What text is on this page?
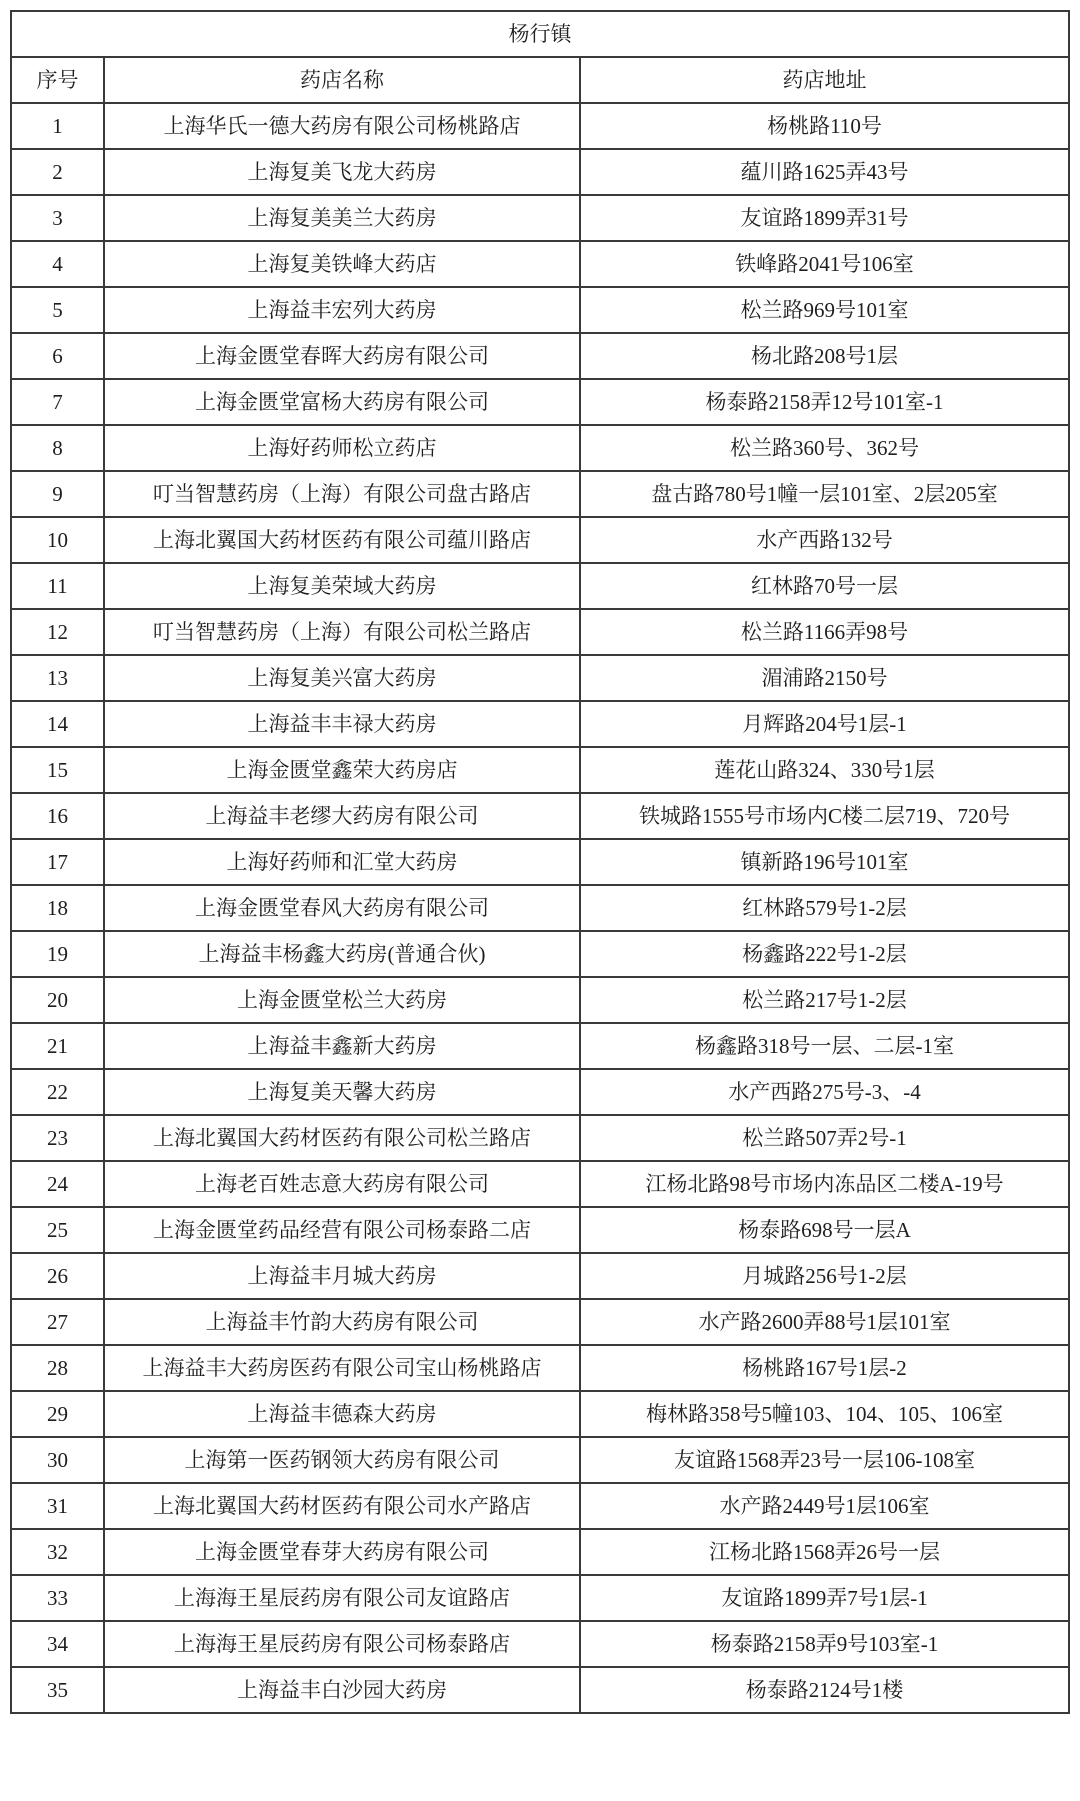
杨行镇		
序号	药店名称	药店地址
1	上海华氏一德大药房有限公司杨桃路店	杨桃路110号
2	上海复美飞龙大药房	蕴川路1625弄43号
3	上海复美美兰大药房	友谊路1899弄31号
4	上海复美铁峰大药店	铁峰路2041号106室
5	上海益丰宏列大药房	松兰路969号101室
6	上海金匮堂春晖大药房有限公司	杨北路208号1层
7	上海金匮堂富杨大药房有限公司	杨泰路2158弄12号101室-1
8	上海好药师松立药店	松兰路360号、362号
9	叮当智慧药房（上海）有限公司盘古路店	盘古路780号1幢一层101室、2层205室
10	上海北翼国大药材医药有限公司蕴川路店	水产西路132号
11	上海复美荣域大药房	红林路70号一层
12	叮当智慧药房（上海）有限公司松兰路店	松兰路1166弄98号
13	上海复美兴富大药房	湄浦路2150号
14	上海益丰丰禄大药房	月辉路204号1层-1
15	上海金匮堂鑫荣大药房店	莲花山路324、330号1层
16	上海益丰老缪大药房有限公司	铁城路1555号市场内C楼二层719、720号
17	上海好药师和汇堂大药房	镇新路196号101室
18	上海金匮堂春风大药房有限公司	红林路579号1-2层
19	上海益丰杨鑫大药房(普通合伙)	杨鑫路222号1-2层
20	上海金匮堂松兰大药房	松兰路217号1-2层
21	上海益丰鑫新大药房	杨鑫路318号一层、二层-1室
22	上海复美天馨大药房	水产西路275号-3、-4
23	上海北翼国大药材医药有限公司松兰路店	松兰路507弄2号-1
24	上海老百姓志意大药房有限公司	江杨北路98号市场内冻品区二楼A-19号
25	上海金匮堂药品经营有限公司杨泰路二店	杨泰路698号一层A
26	上海益丰月城大药房	月城路256号1-2层
27	上海益丰竹韵大药房有限公司	水产路2600弄88号1层101室
28	上海益丰大药房医药有限公司宝山杨桃路店	杨桃路167号1层-2
29	上海益丰德森大药房	梅林路358号5幢103、104、105、106室
30	上海第一医药钢领大药房有限公司	友谊路1568弄23号一层106-108室
31	上海北翼国大药材医药有限公司水产路店	水产路2449号1层106室
32	上海金匮堂春芽大药房有限公司	江杨北路1568弄26号一层
33	上海海王星辰药房有限公司友谊路店	友谊路1899弄7号1层-1
34	上海海王星辰药房有限公司杨泰路店	杨泰路2158弄9号103室-1
35	上海益丰白沙园大药房	杨泰路2124号1楼
